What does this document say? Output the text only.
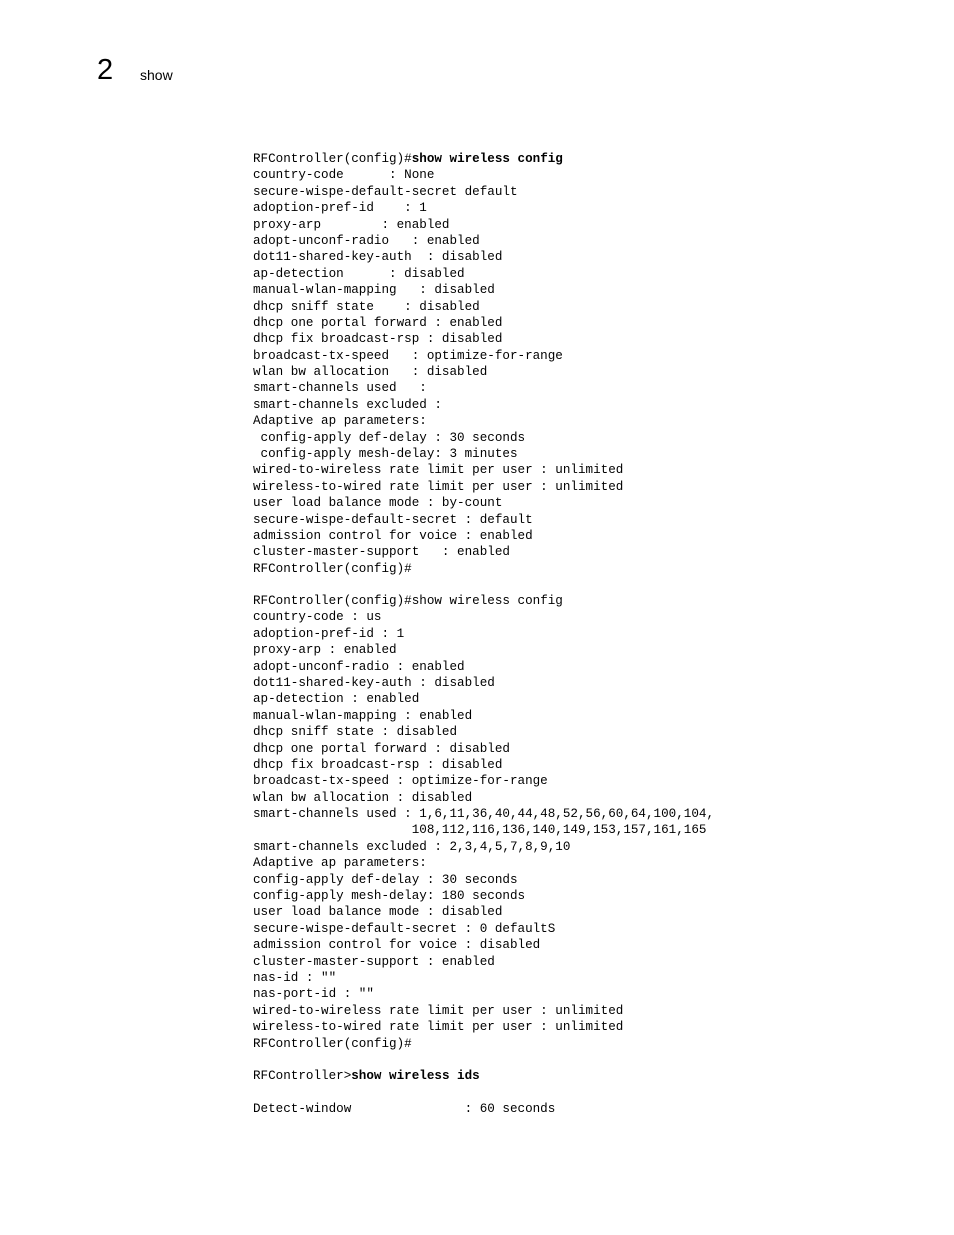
2 show
RFController(config)#show wireless config
country-code      : None
secure-wispe-default-secret default
adoption-pref-id    : 1
proxy-arp        : enabled
adopt-unconf-radio   : enabled
dot11-shared-key-auth  : disabled
ap-detection      : disabled
manual-wlan-mapping   : disabled
dhcp sniff state    : disabled
dhcp one portal forward : enabled
dhcp fix broadcast-rsp : disabled
broadcast-tx-speed   : optimize-for-range
wlan bw allocation   : disabled
smart-channels used   :
smart-channels excluded :
Adaptive ap parameters:
config-apply def-delay : 30 seconds
config-apply mesh-delay: 3 minutes
wired-to-wireless rate limit per user : unlimited
wireless-to-wired rate limit per user : unlimited
user load balance mode : by-count
secure-wispe-default-secret : default
admission control for voice : enabled
cluster-master-support   : enabled
RFController(config)#
RFController(config)#show wireless config
country-code : us
adoption-pref-id : 1
proxy-arp : enabled
adopt-unconf-radio : enabled
dot11-shared-key-auth : disabled
ap-detection : enabled
manual-wlan-mapping : enabled
dhcp sniff state : disabled
dhcp one portal forward : disabled
dhcp fix broadcast-rsp : disabled
broadcast-tx-speed : optimize-for-range
wlan bw allocation : disabled
smart-channels used : 1,6,11,36,40,44,48,52,56,60,64,100,104,
108,112,116,136,140,149,153,157,161,165
smart-channels excluded : 2,3,4,5,7,8,9,10
Adaptive ap parameters:
config-apply def-delay : 30 seconds
config-apply mesh-delay: 180 seconds
user load balance mode : disabled
secure-wispe-default-secret : 0 defaultS
admission control for voice : disabled
cluster-master-support : enabled
nas-id : ""
nas-port-id : ""
wired-to-wireless rate limit per user : unlimited
wireless-to-wired rate limit per user : unlimited
RFController(config)#
RFController>show wireless ids
Detect-window               : 60 seconds
